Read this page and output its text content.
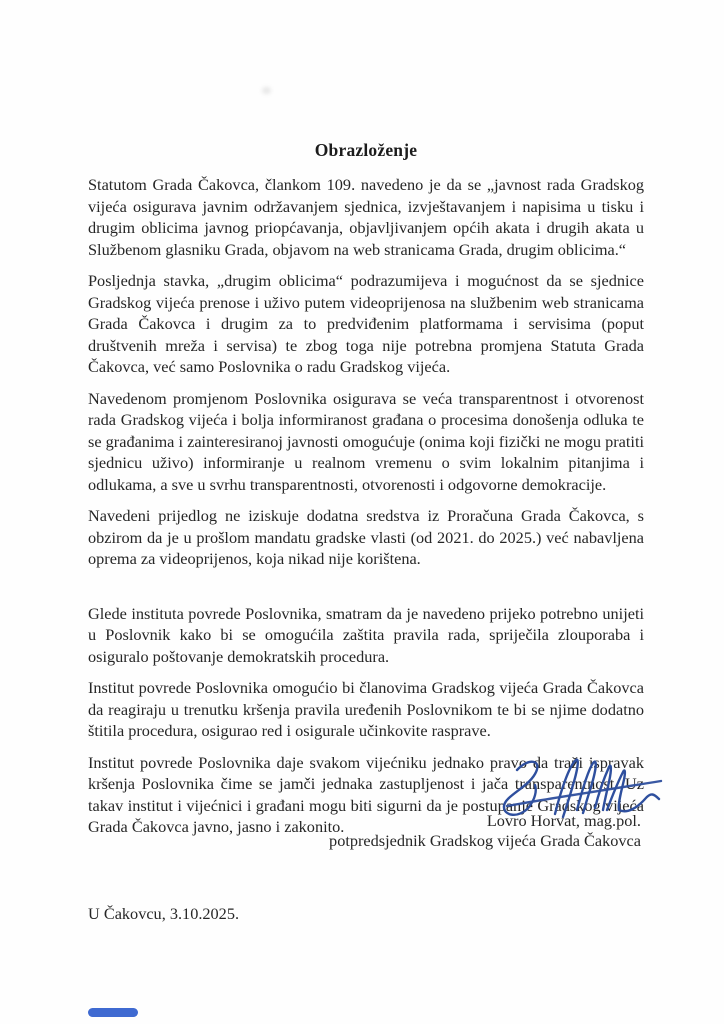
Obrazloženje

Statutom Grada Čakovca, člankom 109. navedeno je da se „javnost rada Gradskog vijeća osigurava javnim održavanjem sjednica, izvještavanjem i napisima u tisku i drugim oblicima javnog priopćavanja, objavljivanjem općih akata i drugih akata u Službenom glasniku Grada, objavom na web stranicama Grada, drugim oblicima.“

Posljednja stavka, „drugim oblicima“ podrazumijeva i mogućnost da se sjednice Gradskog vijeća prenose i uživo putem videoprijenosa na službenim web stranicama Grada Čakovca i drugim za to predviđenim platformama i servisima (poput društvenih mreža i servisa) te zbog toga nije potrebna promjena Statuta Grada Čakovca, već samo Poslovnika o radu Gradskog vijeća.

Navedenom promjenom Poslovnika osigurava se veća transparentnost i otvorenost rada Gradskog vijeća i bolja informiranost građana o procesima donošenja odluka te se građanima i zainteresiranoj javnosti omogućuje (onima koji fizički ne mogu pratiti sjednicu uživo) informiranje u realnom vremenu o svim lokalnim pitanjima i odlukama, a sve u svrhu transparentnosti, otvorenosti i odgovorne demokracije.

Navedeni prijedlog ne iziskuje dodatna sredstva iz Proračuna Grada Čakovca, s obzirom da je u prošlom mandatu gradske vlasti (od 2021. do 2025.) već nabavljena oprema za videoprijenos, koja nikad nije korištena.

Glede instituta povrede Poslovnika, smatram da je navedeno prijeko potrebno unijeti u Poslovnik kako bi se omogućila zaštita pravila rada, spriječila zlouporaba i osiguralo poštovanje demokratskih procedura.

Institut povrede Poslovnika omogućio bi članovima Gradskog vijeća Grada Čakovca da reagiraju u trenutku kršenja pravila uređenih Poslovnikom te bi se njime dodatno štitila procedura, osigurao red i osigurale učinkovite rasprave.

Institut povrede Poslovnika daje svakom vijećniku jednako pravo da traži ispravak kršenja Poslovnika čime se jamči jednaka zastupljenost i jača transparentnost. Uz takav institut i vijećnici i građani mogu biti sigurni da je postupanje Gradskog vijeća Grada Čakovca javno, jasno i zakonito.	Lovro Horvat, mag.pol.
potpredsjednik Gradskog vijeća Grada Čakovca
U Čakovcu, 3.10.2025.
